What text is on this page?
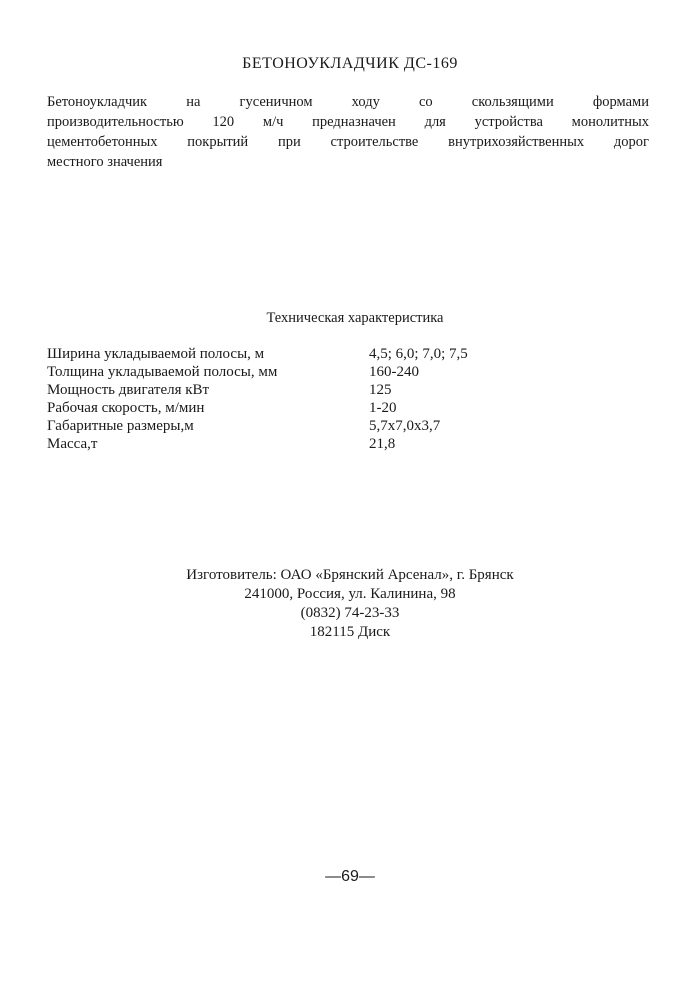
БЕТОНОУКЛАДЧИК ДС-169
Бетоноукладчик на гусеничном ходу со скользящими формами
производительностью 120 м/ч предназначен для устройства монолитных
цементобетонных покрытий при строительстве внутрихозяйственных дорог
местного значения
Техническая характеристика
Ширина укладываемой полосы, м	4,5; 6,0; 7,0; 7,5
Толщина укладываемой полосы, мм	160-240
Мощность двигателя кВт	125
Рабочая скорость, м/мин	1-20
Габаритные размеры,м	5,7х7,0х3,7
Масса,т	21,8
Изготовитель: ОАО «Брянский Арсенал», г. Брянск
241000, Россия, ул. Калинина, 98
(0832) 74-23-33
182115 Диск
—69—
